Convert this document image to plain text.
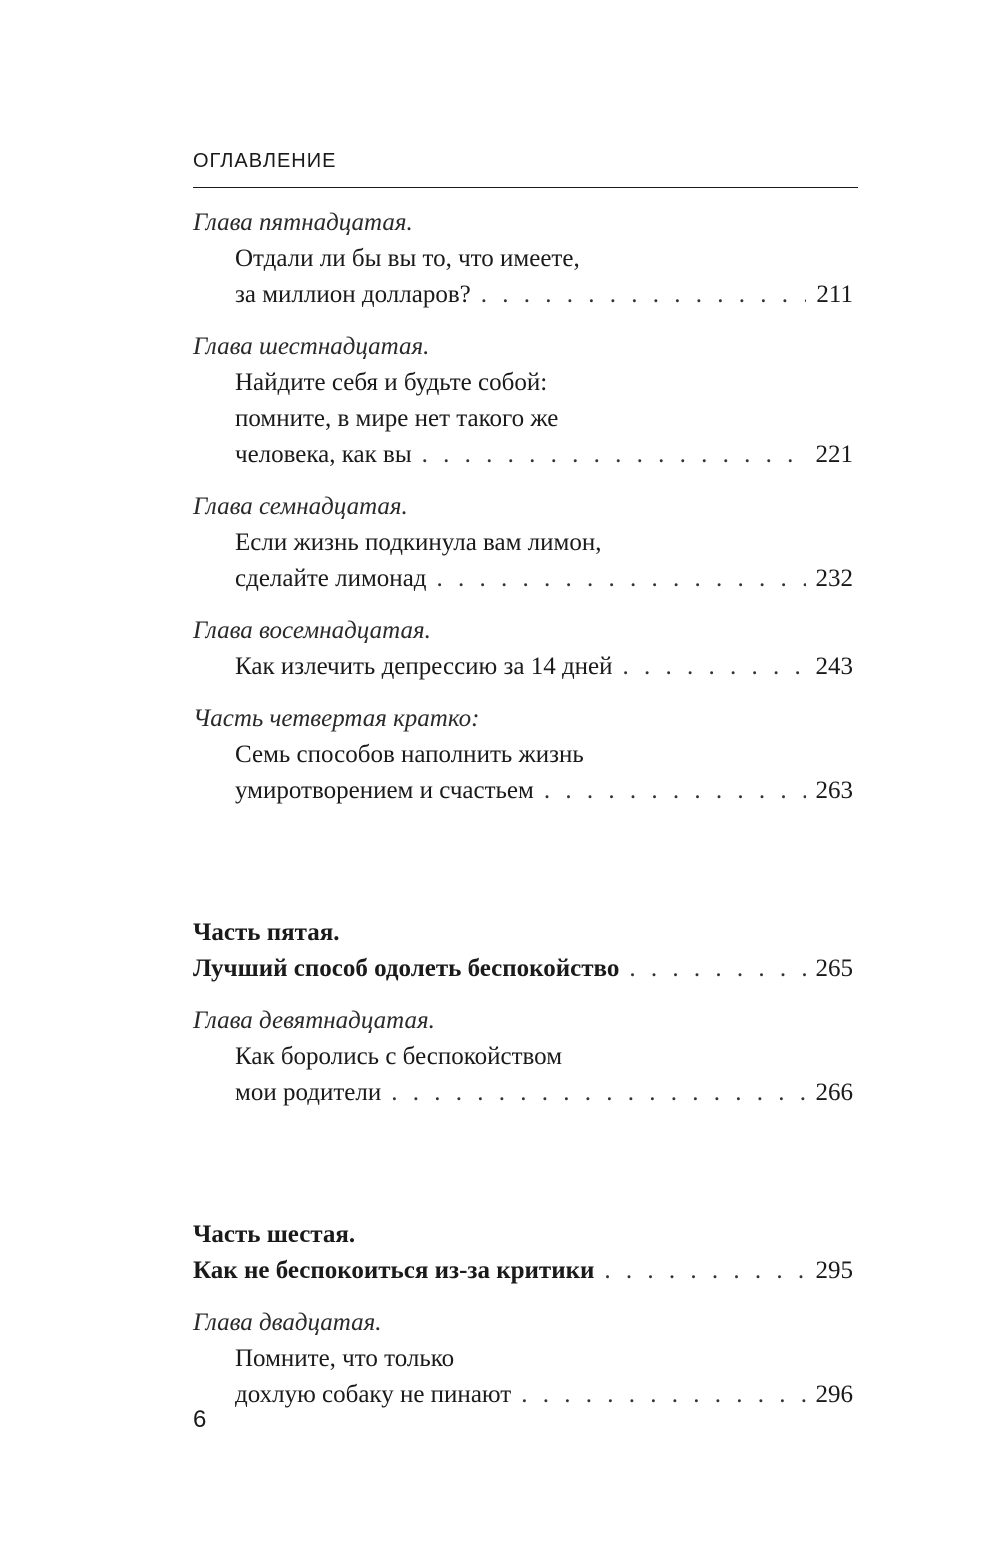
ОГЛАВЛЕНИЕ
Глава пятнадцатая.
Отдали ли бы вы то, что имеете,
за миллион долларов? . . .	211
Глава шестнадцатая.
Найдите себя и будьте собой:
помните, в мире нет такого же
человека, как вы . . .	221
Глава семнадцатая.
Если жизнь подкинула вам лимон,
сделайте лимонад . . .	232
Глава восемнадцатая.
Как излечить депрессию за 14 дней . . .	243
Часть четвертая кратко:
Семь способов наполнить жизнь
умиротворением и счастьем . . .	263
Часть пятая.
Лучший способ одолеть беспокойство . . .	265
Глава девятнадцатая.
Как боролись с беспокойством
мои родители . . .	266
Часть шестая.
Как не беспокоиться из-за критики . . .	295
Глава двадцатая.
Помните, что только
дохлую собаку не пинают . . .	296
6
